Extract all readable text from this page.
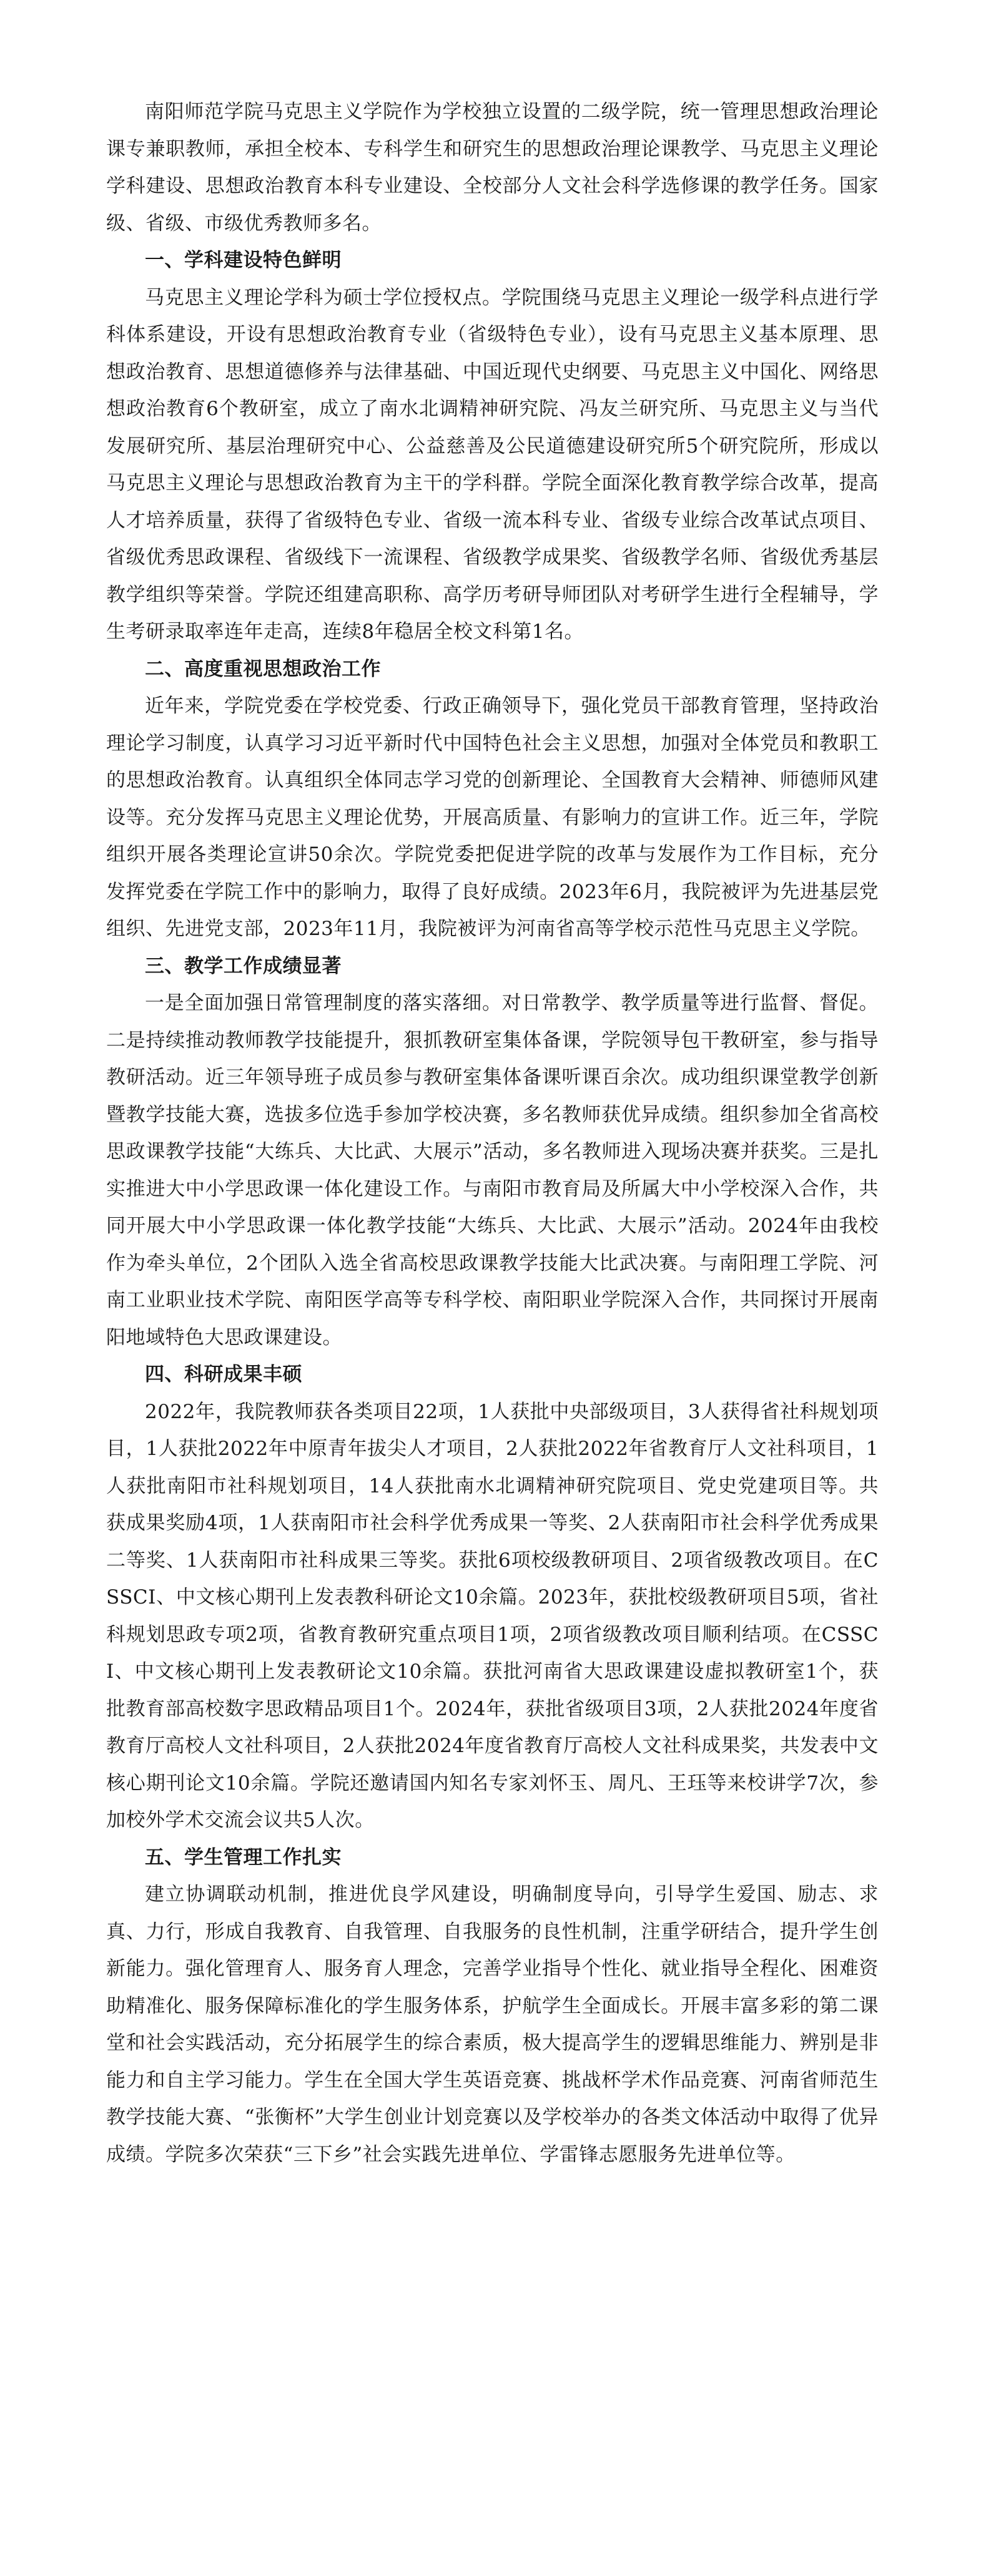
南阳师范学院马克思主义学院作为学校独立设置的二级学院，统一管理思想政治理论课专兼职教师，承担全校本、专科学生和研究生的思想政治理论课教学、马克思主义理论学科建设、思想政治教育本科专业建设、全校部分人文社会科学选修课的教学任务。国家级、省级、市级优秀教师多名。

一、学科建设特色鲜明

马克思主义理论学科为硕士学位授权点。学院围绕马克思主义理论一级学科点进行学科体系建设，开设有思想政治教育专业（省级特色专业），设有马克思主义基本原理、思想政治教育、思想道德修养与法律基础、中国近现代史纲要、马克思主义中国化、网络思想政治教育6个教研室，成立了南水北调精神研究院、冯友兰研究所、马克思主义与当代发展研究所、基层治理研究中心、公益慈善及公民道德建设研究所5个研究院所，形成以马克思主义理论与思想政治教育为主干的学科群。学院全面深化教育教学综合改革，提高人才培养质量，获得了省级特色专业、省级一流本科专业、省级专业综合改革试点项目、省级优秀思政课程、省级线下一流课程、省级教学成果奖、省级教学名师、省级优秀基层教学组织等荣誉。学院还组建高职称、高学历考研导师团队对考研学生进行全程辅导，学生考研录取率连年走高，连续8年稳居全校文科第1名。

二、高度重视思想政治工作

近年来，学院党委在学校党委、行政正确领导下，强化党员干部教育管理，坚持政治理论学习制度，认真学习习近平新时代中国特色社会主义思想，加强对全体党员和教职工的思想政治教育。认真组织全体同志学习党的创新理论、全国教育大会精神、师德师风建设等。充分发挥马克思主义理论优势，开展高质量、有影响力的宣讲工作。近三年，学院组织开展各类理论宣讲50余次。学院党委把促进学院的改革与发展作为工作目标，充分发挥党委在学院工作中的影响力，取得了良好成绩。2023年6月，我院被评为先进基层党组织、先进党支部，2023年11月，我院被评为河南省高等学校示范性马克思主义学院。

三、教学工作成绩显著

一是全面加强日常管理制度的落实落细。对日常教学、教学质量等进行监督、督促。二是持续推动教师教学技能提升，狠抓教研室集体备课，学院领导包干教研室，参与指导教研活动。近三年领导班子成员参与教研室集体备课听课百余次。成功组织课堂教学创新暨教学技能大赛，选拔多位选手参加学校决赛，多名教师获优异成绩。组织参加全省高校思政课教学技能“大练兵、大比武、大展示”活动，多名教师进入现场决赛并获奖。三是扎实推进大中小学思政课一体化建设工作。与南阳市教育局及所属大中小学校深入合作，共同开展大中小学思政课一体化教学技能“大练兵、大比武、大展示”活动。2024年由我校作为牵头单位，2个团队入选全省高校思政课教学技能大比武决赛。与南阳理工学院、河南工业职业技术学院、南阳医学高等专科学校、南阳职业学院深入合作，共同探讨开展南阳地域特色大思政课建设。

四、科研成果丰硕

2022年，我院教师获各类项目22项，1人获批中央部级项目，3人获得省社科规划项目，1人获批2022年中原青年拔尖人才项目，2人获批2022年省教育厅人文社科项目，1人获批南阳市社科规划项目，14人获批南水北调精神研究院项目、党史党建项目等。共获成果奖励4项，1人获南阳市社会科学优秀成果一等奖、2人获南阳市社会科学优秀成果二等奖、1人获南阳市社科成果三等奖。获批6项校级教研项目、2项省级教改项目。在CSSCI、中文核心期刊上发表教科研论文10余篇。2023年，获批校级教研项目5项，省社科规划思政专项2项，省教育教研究重点项目1项，2项省级教改项目顺利结项。在CSSCI、中文核心期刊上发表教研论文10余篇。获批河南省大思政课建设虚拟教研室1个，获批教育部高校数字思政精品项目1个。2024年，获批省级项目3项，2人获批2024年度省教育厅高校人文社科项目，2人获批2024年度省教育厅高校人文社科成果奖，共发表中文核心期刊论文10余篇。学院还邀请国内知名专家刘怀玉、周凡、王珏等来校讲学7次，参加校外学术交流会议共5人次。

五、学生管理工作扎实

建立协调联动机制，推进优良学风建设，明确制度导向，引导学生爱国、励志、求真、力行，形成自我教育、自我管理、自我服务的良性机制，注重学研结合，提升学生创新能力。强化管理育人、服务育人理念，完善学业指导个性化、就业指导全程化、困难资助精准化、服务保障标准化的学生服务体系，护航学生全面成长。开展丰富多彩的第二课堂和社会实践活动，充分拓展学生的综合素质，极大提高学生的逻辑思维能力、辨别是非能力和自主学习能力。学生在全国大学生英语竞赛、挑战杯学术作品竞赛、河南省师范生教学技能大赛、“张衡杯”大学生创业计划竞赛以及学校举办的各类文体活动中取得了优异成绩。学院多次荣获“三下乡”社会实践先进单位、学雷锋志愿服务先进单位等。
